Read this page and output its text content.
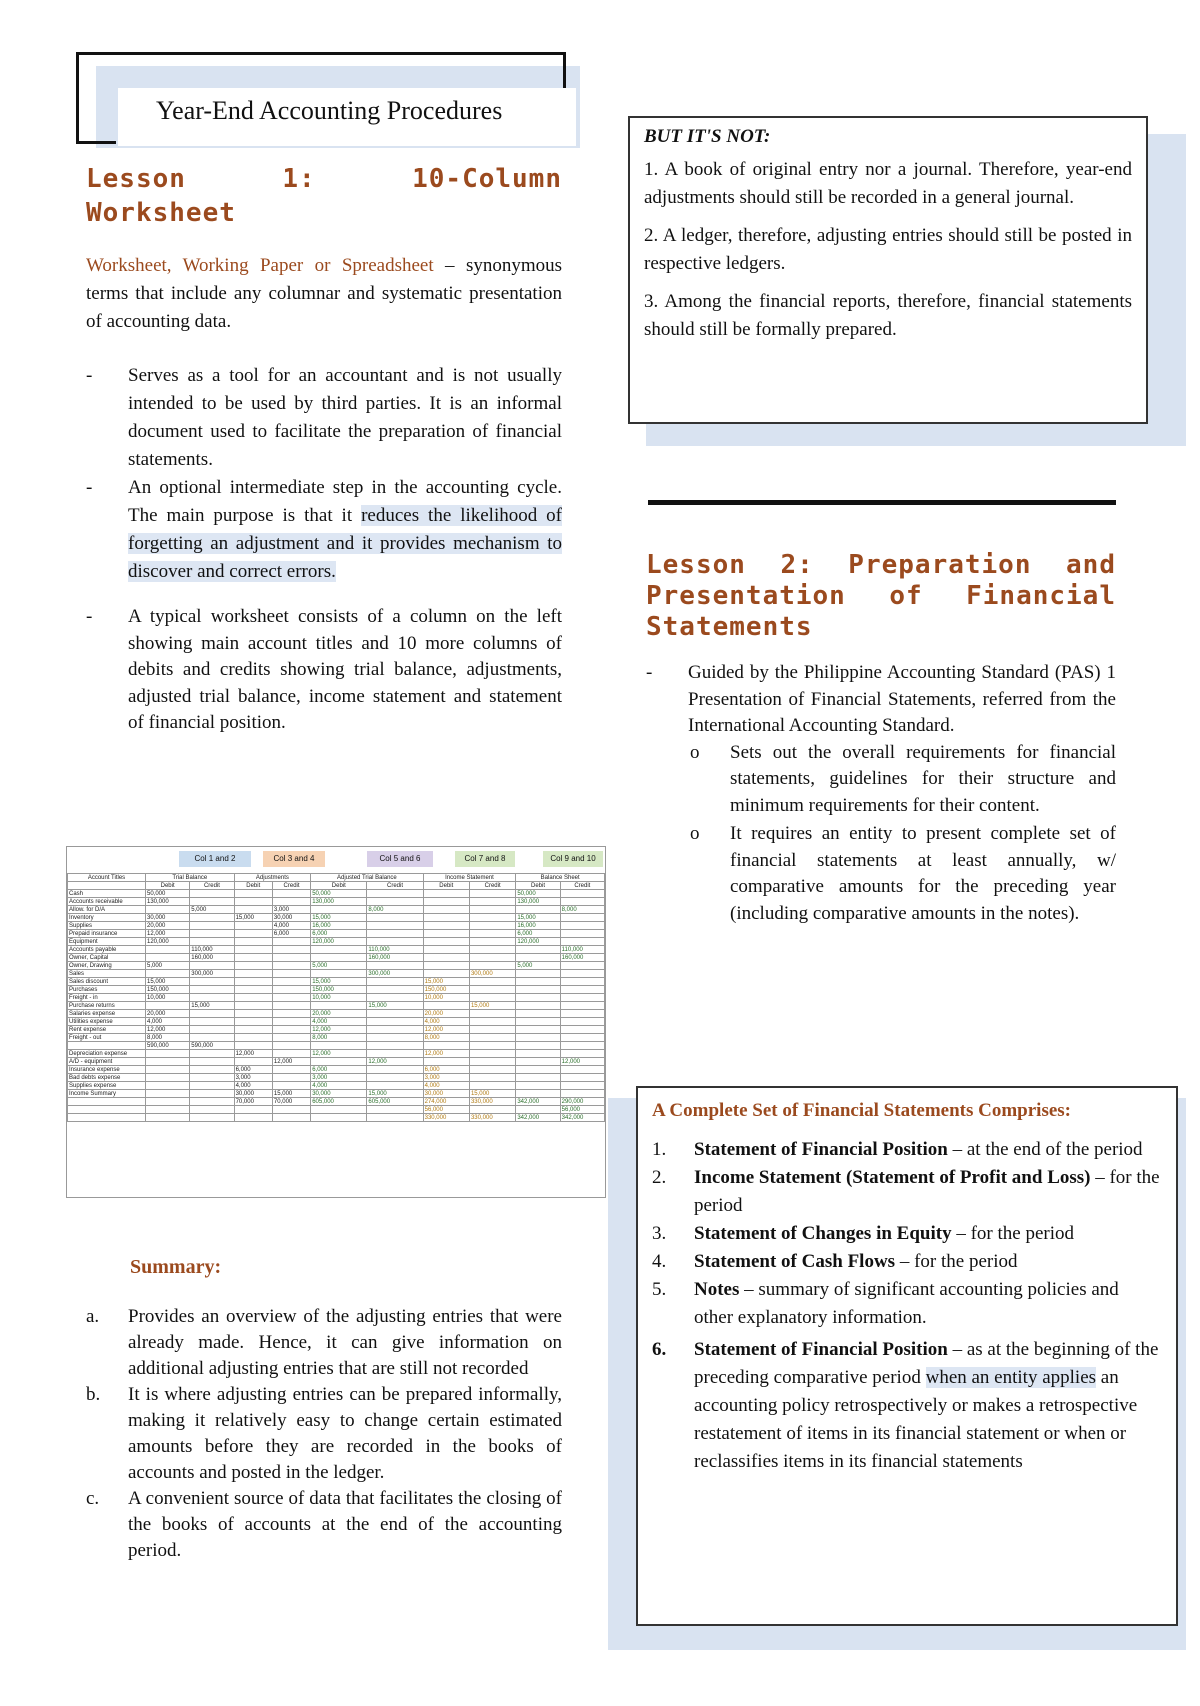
Year-End Accounting Procedures
Lesson	1:	10-Column
Worksheet
Worksheet, Working Paper or Spreadsheet – synonymous terms that include any columnar and systematic presentation of accounting data.
- Serves as a tool for an accountant and is not usually intended to be used by third parties. It is an informal document used to facilitate the preparation of financial statements.
- An optional intermediate step in the accounting cycle. The main purpose is that it reduces the likelihood of forgetting an adjustment and it provides mechanism to discover and correct errors.
- A typical worksheet consists of a column on the left showing main account titles and 10 more columns of debits and credits showing trial balance, adjustments, adjusted trial balance, income statement and statement of financial position.
Col 1 and 2	Col 3 and 4	Col 5 and 6	Col 7 and 8	Col 9 and 10
Account Titles	Trial Balance		Adjustments		Adjusted Trial Balance		Income Statement		Balance Sheet	
	Debit	Credit	Debit	Credit	Debit	Credit	Debit	Credit	Debit	Credit
Cash	50,000				50,000				50,000	
Accounts receivable	130,000				130,000				130,000	
Allow. for D/A		5,000		3,000		8,000				8,000
Inventory	30,000		15,000	30,000	15,000				15,000	
Supplies	20,000			4,000	16,000				16,000	
Prepaid insurance	12,000			6,000	6,000				6,000	
Equipment	120,000				120,000				120,000	
Accounts payable		110,000				110,000				110,000
Owner, Capital		160,000				160,000				160,000
Owner, Drawing	5,000				5,000				5,000	
Sales		300,000				300,000		300,000		
Sales discount	15,000				15,000		15,000			
Purchases	150,000				150,000		150,000			
Freight - in	10,000				10,000		10,000			
Purchase returns		15,000				15,000		15,000		
Salaries expense	20,000				20,000		20,000			
Utilities expense	4,000				4,000		4,000			
Rent expense	12,000				12,000		12,000			
Freight - out	8,000				8,000		8,000			
	590,000	590,000								
Depreciation expense			12,000		12,000		12,000			
A/D - equipment				12,000		12,000				12,000
Insurance expense			6,000		6,000		6,000			
Bad debts expense			3,000		3,000		3,000			
Supplies expense			4,000		4,000		4,000			
Income Summary			30,000	15,000	30,000	15,000	30,000	15,000		
			70,000	70,000	605,000	605,000	274,000	330,000	342,000	290,000
							56,000			56,000
							330,000	330,000	342,000	342,000
Summary:
a. Provides an overview of the adjusting entries that were already made. Hence, it can give information on additional adjusting entries that are still not recorded
b. It is where adjusting entries can be prepared informally, making it relatively easy to change certain estimated amounts before they are recorded in the books of accounts and posted in the ledger.
c. A convenient source of data that facilitates the closing of the books of accounts at the end of the accounting period.
BUT IT'S NOT:
1. A book of original entry nor a journal. Therefore, year-end adjustments should still be recorded in a general journal.
2. A ledger, therefore, adjusting entries should still be posted in respective ledgers.
3. Among the financial reports, therefore, financial statements should still be formally prepared.
Lesson 2: Preparation and
Presentation of Financial
Statements
- Guided by the Philippine Accounting Standard (PAS) 1 Presentation of Financial Statements, referred from the International Accounting Standard.
o Sets out the overall requirements for financial statements, guidelines for their structure and minimum requirements for their content.
o It requires an entity to present complete set of financial statements at least annually, w/ comparative amounts for the preceding year (including comparative amounts in the notes).
A Complete Set of Financial Statements Comprises:
1. Statement of Financial Position – at the end of the period
2. Income Statement (Statement of Profit and Loss) – for the period
3. Statement of Changes in Equity – for the period
4. Statement of Cash Flows – for the period
5. Notes – summary of significant accounting policies and other explanatory information.
6. Statement of Financial Position – as at the beginning of the preceding comparative period when an entity applies an accounting policy retrospectively or makes a retrospective restatement of items in its financial statement or when or reclassifies items in its financial statements
